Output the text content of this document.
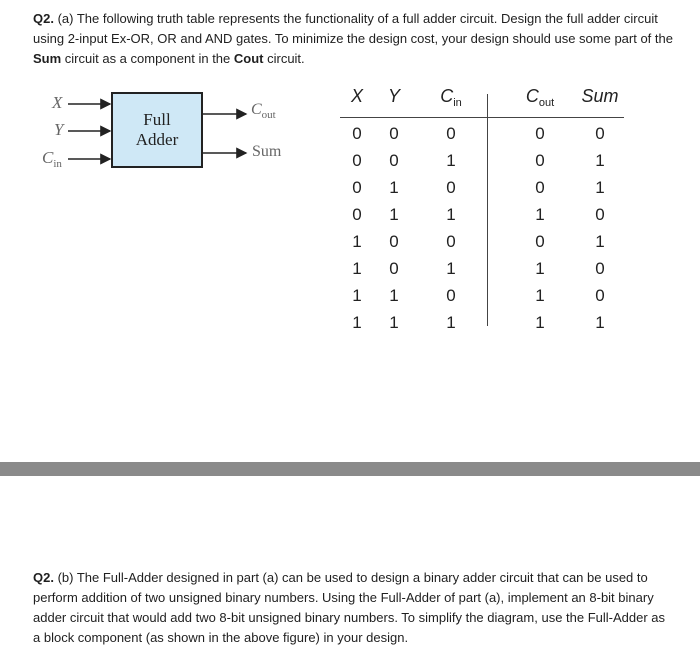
Q2. (a) The following truth table represents the functionality of a full adder circuit. Design the full adder circuit using 2-input Ex-OR, OR and AND gates. To minimize the design cost, your design should use some part of the Sum circuit as a component in the Cout circuit.
X
Y
$C_{in}$
Full
Adder
$C_{out}$
Sum
X	Y	$C_{in}$	$C_{out}$	Sum
0	0	0	0	0
0	0	1	0	1
0	1	0	0	1
0	1	1	1	0
1	0	0	0	1
1	0	1	1	0
1	1	0	1	0
1	1	1	1	1
Q2. (b) The Full-Adder designed in part (a) can be used to design a binary adder circuit that can be used to perform addition of two unsigned binary numbers. Using the Full-Adder of part (a), implement an 8-bit binary adder circuit that would add two 8-bit unsigned binary numbers. To simplify the diagram, use the Full-Adder as a block component (as shown in the above figure) in your design.
